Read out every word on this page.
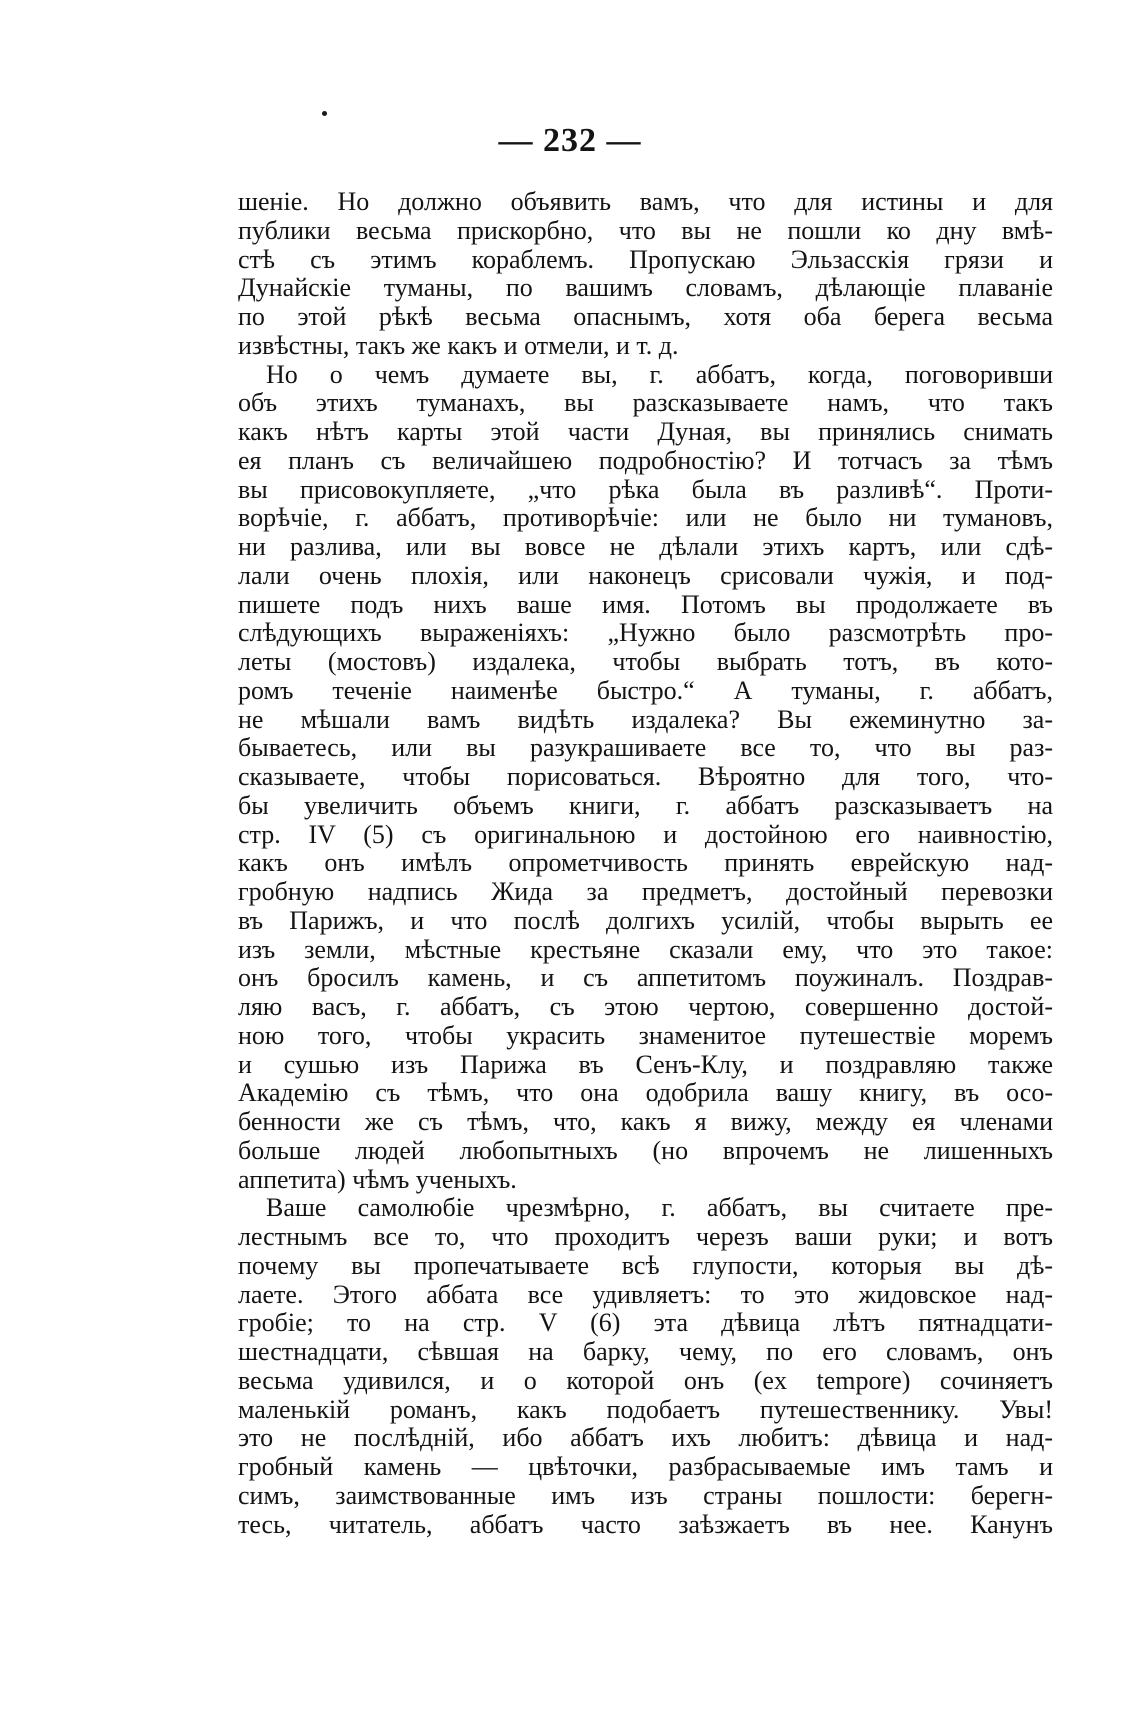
— 232 —
шеніе. Но должно объявить вамъ, что для истины и для
публики весьма прискорбно, что вы не пошли ко дну вмѣ-
стѣ съ этимъ кораблемъ. Пропускаю Эльзасскія грязи и
Дунайскіе туманы, по вашимъ словамъ, дѣлающіе плаваніе
по этой рѣкѣ весьма опаснымъ, хотя оба берега весьма
извѣстны, такъ же какъ и отмели, и т. д.
Но о чемъ думаете вы, г. аббатъ, когда, поговоривши
объ этихъ туманахъ, вы разсказываете намъ, что такъ
какъ нѣтъ карты этой части Дуная, вы принялись снимать
ея планъ съ величайшею подробностію? И тотчасъ за тѣмъ
вы присовокупляете, „что рѣка была въ разливѣ“. Проти-
ворѣчіе, г. аббатъ, противорѣчіе: или не было ни тумановъ,
ни разлива, или вы вовсе не дѣлали этихъ картъ, или сдѣ-
лали очень плохія, или наконецъ срисовали чужія, и под-
пишете подъ нихъ ваше имя. Потомъ вы продолжаете въ
слѣдующихъ выраженіяхъ: „Нужно было разсмотрѣть про-
леты (мостовъ) издалека, чтобы выбрать тотъ, въ кото-
ромъ теченіе наименѣе быстро.“ А туманы, г. аббатъ,
не мѣшали вамъ видѣть издалека? Вы ежеминутно за-
бываетесь, или вы разукрашиваете все то, что вы раз-
сказываете, чтобы порисоваться. Вѣроятно для того, что-
бы увеличить объемъ книги, г. аббатъ разсказываетъ на
стр. IV (5) съ оригинальною и достойною его наивностію,
какъ онъ имѣлъ опрометчивость принять еврейскую над-
гробную надпись Жида за предметъ, достойный перевозки
въ Парижъ, и что послѣ долгихъ усилій, чтобы вырыть ее
изъ земли, мѣстные крестьяне сказали ему, что это такое:
онъ бросилъ камень, и съ аппетитомъ поужиналъ. Поздрав-
ляю васъ, г. аббатъ, съ этою чертою, совершенно достой-
ною того, чтобы украсить знаменитое путешествіе моремъ
и сушью изъ Парижа въ Сенъ-Клу, и поздравляю также
Академію съ тѣмъ, что она одобрила вашу книгу, въ осо-
бенности же съ тѣмъ, что, какъ я вижу, между ея членами
больше людей любопытныхъ (но впрочемъ не лишенныхъ
аппетита) чѣмъ ученыхъ.
Ваше самолюбіе чрезмѣрно, г. аббатъ, вы считаете пре-
лестнымъ все то, что проходитъ черезъ ваши руки; и вотъ
почему вы пропечатываете всѣ глупости, которыя вы дѣ-
лаете. Этого аббата все удивляетъ: то это жидовское над-
гробіе; то на стр. V (6) эта дѣвица лѣтъ пятнадцати-
шестнадцати, сѣвшая на барку, чему, по его словамъ, онъ
весьма удивился, и о которой онъ (ex tempore) сочиняетъ
маленькій романъ, какъ подобаетъ путешественнику. Увы!
это не послѣдній, ибо аббатъ ихъ любитъ: дѣвица и над-
гробный камень — цвѣточки, разбрасываемые имъ тамъ и
симъ, заимствованные имъ изъ страны пошлости: берегн-
тесь, читатель, аббатъ часто заѣзжаетъ въ нее. Канунъ
